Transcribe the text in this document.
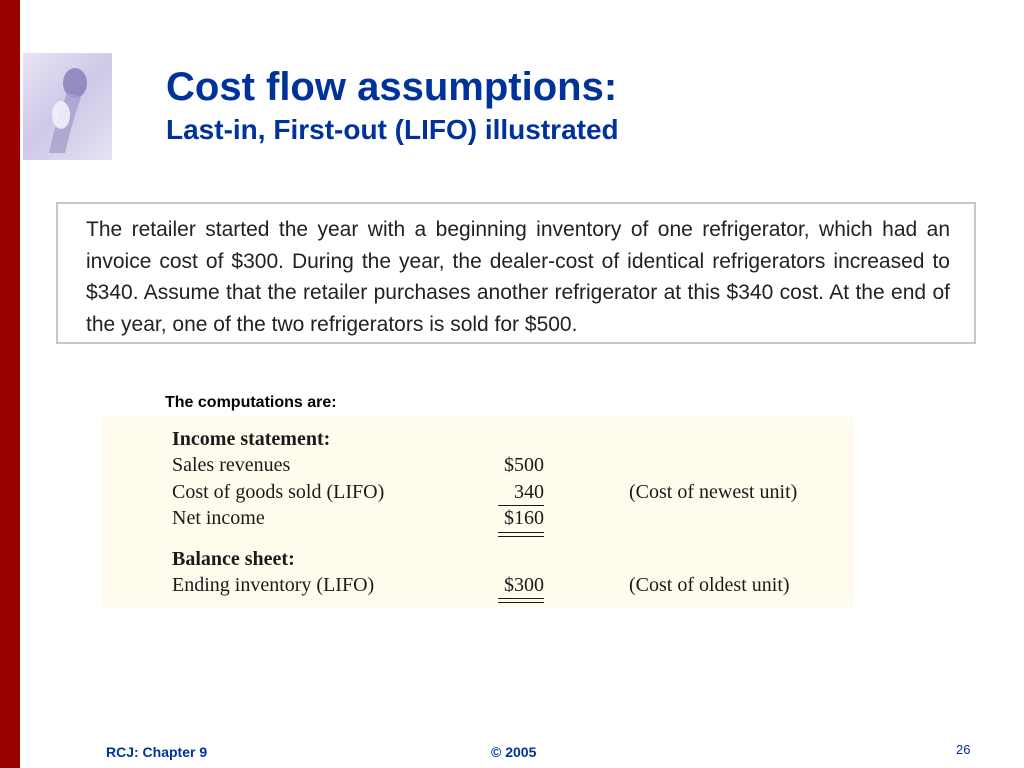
Cost flow assumptions:
Last-in, First-out (LIFO) illustrated

The retailer started the year with a beginning inventory of one refrigerator, which had an invoice cost of $300. During the year, the dealer-cost of identical refrigerators increased to $340. Assume that the retailer purchases another refrigerator at this $340 cost. At the end of the year, one of the two refrigerators is sold for $500.

The computations are:
Income statement:
Sales revenues	$500
Cost of goods sold (LIFO)	340	(Cost of newest unit)
Net income	$160
Balance sheet:
Ending inventory (LIFO)	$300	(Cost of oldest unit)
RCJ: Chapter 9	© 2005	26
